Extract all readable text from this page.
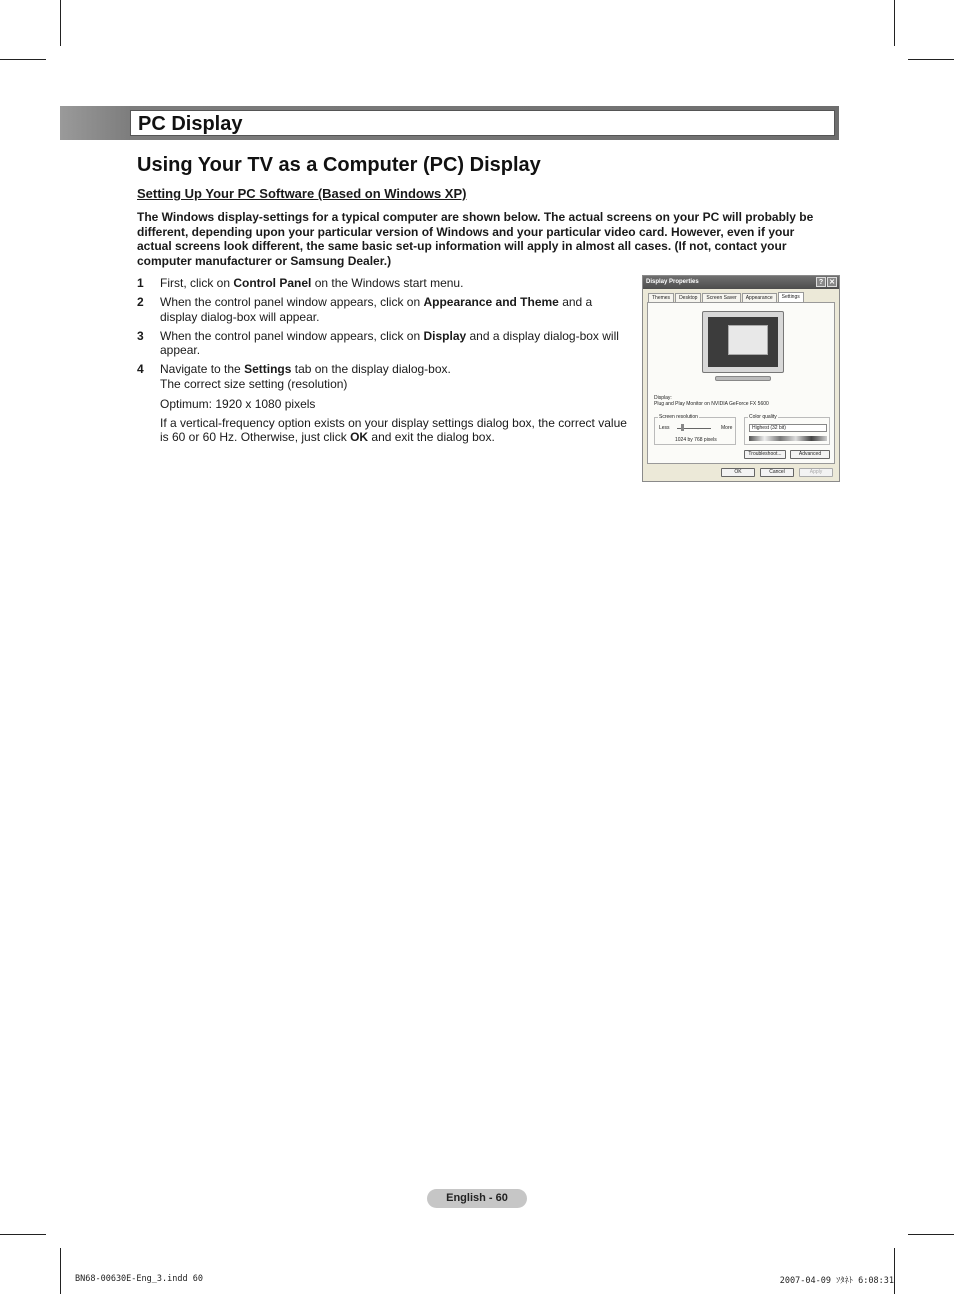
PC Display
Using Your TV as a Computer (PC) Display
Setting Up Your PC Software (Based on Windows XP)
The Windows display-settings for a typical computer are shown below. The actual screens on your PC will probably be different, depending upon your particular version of Windows and your particular video card. However, even if your actual screens look different, the same basic set-up information will apply in almost all cases. (If not, contact your computer manufacturer or Samsung Dealer.)
1	First, click on Control Panel on the Windows start menu.
2	When the control panel window appears, click on Appearance and Theme and a display dialog-box will appear.
3	When the control panel window appears, click on Display and a display dialog-box will appear.
4	Navigate to the Settings tab on the display dialog-box.
The correct size setting (resolution)
Optimum: 1920 x 1080 pixels
If a vertical-frequency option exists on your display settings dialog box, the correct value is 60 or 60 Hz. Otherwise, just click OK and exit the dialog box.
Display Properties	? ✕
Themes	Desktop	Screen Saver	Appearance	Settings
Display:
Plug and Play Monitor on NVIDIA GeForce FX 5600
Screen resolution
Less	More
1024 by 768 pixels
Color quality
Highest (32 bit)
Troubleshoot...	Advanced
OK	Cancel	Apply
English - 60
BN68-00630E-Eng_3.indd 60	2007-04-09 ｿﾀﾈﾄ 6:08:31
